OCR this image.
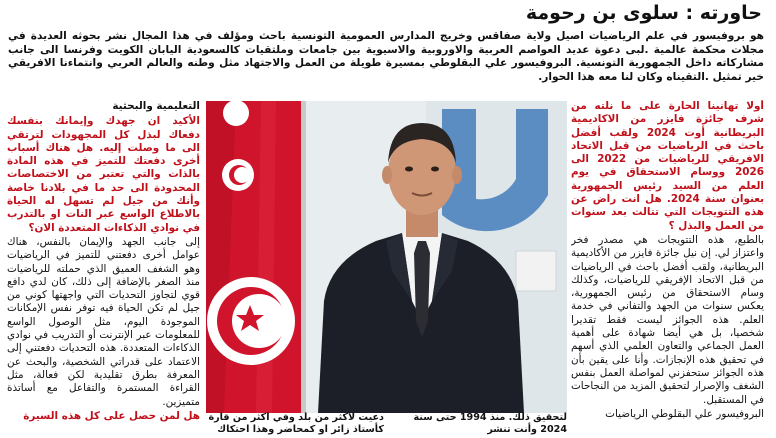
حاورته : سلوى بن رحومة
هو بروفيسور في علم الرياضيات اصيل ولاية صفاقس وخريج المدارس العمومية التونسية باحث ومؤلف في هذا المجال نشر بحوثه العديدة في مجلات محكمة عالمية .لبى دعوة عديد العواصم العربية والاوروبية والاسيوية بين جامعات وملتقيات كالسعودية اليابان الكويت وفرنسا الى جانب مشاركاته داخل الجمهورية التونسية. البروفيسور علي البقلوطي بمسيرة طويلة من العمل والاجتهاد مثل وطنه والعالم العربي وانتماءنا الافريقي خير تمثيل .التقيناه وكان لنا معه هذا الحوار.

أولا تهانينا الحارة على ما نلته من شرف جائزة فايزر من الاكاديمية البريطانية أوت 2024 ولقب أفضل باحث في الرياضيات من قبل الاتحاد الافريقي للرياضيات من 2022 الى 2026 ووسام الاستحقاق في يوم العلم من السيد رئيس الجمهورية بعنوان سنة 2024. هل انت راض عن هذه التتويجات التي تتالت بعد سنوات من العمل والبذل ؟

بالطبع، هذه التتويجات هي مصدر فخر واعتزاز لي. إن نيل جائزة فايزر من الأكاديمية البريطانية، ولقب أفضل باحث في الرياضيات من قبل الاتحاد الإفريقي للرياضيات، وكذلك وسام الاستحقاق من رئيس الجمهورية، يعكس سنوات من الجهد والتفاني في خدمة العلم. هذه الجوائز ليست فقط تقديرا شخصيا، بل هي أيضا شهادة على أهمية العمل الجماعي والتعاون العلمي الذي أسهم في تحقيق هذه الإنجازات. وأنا على يقين بأن هذه الجوائز ستحفزني لمواصلة العمل بنفس الشغف والإصرار لتحقيق المزيد من النجاحات في المستقبل.

البروفيسور علي البقلوطي الرياضيات

لتحقيق ذلك. منذ 1994 حتى سنة 2024 وأنت تنشر
دعيت لأكثر من بلد وفي أكثر من قارة كأستاذ زائر او كمحاضر وهذا احتكاك

التعليمية والبحثية

الأكيد ان جهدك وإيمانك بنفسك دفعاك لبذل كل المجهودات لترتقي الى ما وصلت إليه. هل هناك أسباب أخرى دفعتك للتميز في هذه المادة بالذات والتي تعتبر من الاختصاصات المحدودة الى حد ما في بلادنا خاصة وأنك من جيل لم تسهل له الحياة بالاطلاع الواسع عبر النات او بالتدرب في نوادي الذكاءات المتعددة الان؟

إلى جانب الجهد والإيمان بالنفس، هناك عوامل أخرى دفعتني للتميز في الرياضيات وهو الشغف العميق الذي حملته للرياضيات منذ الصغر بالإضافة إلى ذلك، كان لدي دافع قوي لتجاوز التحديات التي واجهتها كوني من جيل لم تكن الحياة فيه توفر نفس الإمكانات الموجودة اليوم، مثل الوصول الواسع للمعلومات عبر الإنترنت أو التدريب في نوادي الذكاءات المتعددة. هذه التحديات دفعتني إلى الاعتماد على قدراتي الشخصية، والبحث عن المعرفة بطرق تقليدية لكن فعالة، مثل القراءة المستمرة والتفاعل مع أساتذة متميزين.

هل لمن حصل على كل هذه السيرة
